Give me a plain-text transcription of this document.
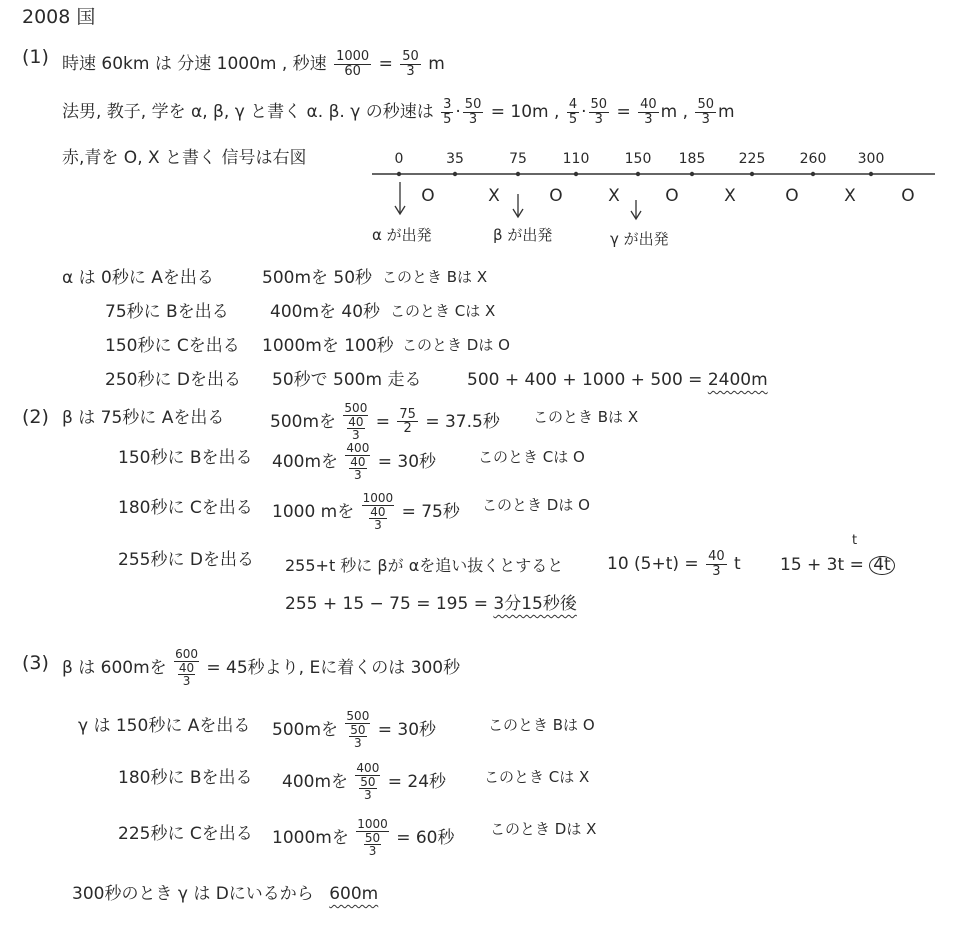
2008 国
(1) 時速 60km は 分速 1000m , 秒速 $\frac{1000}{60} = \frac{50}{3}$ m
法男, 教子, 学を α, β, γ と書く α. β. γ の秒速は $\frac{3}{5} \cdot \frac{50}{3} = 10m$ , $\frac{4}{5} \cdot \frac{50}{3} = \frac{40}{3}$ m , $\frac{50}{3}$ m
赤,青を O, X と書く 信号は右図	0	35	75	110	150 185 225 260 300
O	X	O	X	O	X	O	X	O
α が出発	β が出発	γ が出発
α は 0秒に Aを出る	500mを 50秒 このとき Bは X
75秒に Bを出る 400mを 40秒 このとき Cは X
150秒に Cを出る 1000mを 100秒 このとき Dは O
250秒に Dを出る 50秒で 500m 走る	500 + 400 + 1000 + 500 = 2400m
(2) β は 75秒に Aを出る	500mを
500
40
3
= $\frac{75}{2} = 37.5$秒 このとき Bは X
150秒に Bを出る 400mを
400
40
3
= 30秒	このとき Cは O
180秒に Cを出る 1000 mを
1000
40
3
= 75秒 このとき Dは O
255秒に Dを出る 255+t 秒に βが αを追い抜くとすると	10 $(5+t) = \frac{40}{3}$ t 15 + 3t = 4t
t
255 + 15 − 75 = 195 = 3分15秒後
(3) β は 600mを
600
40
3
= 45秒より, Eに着くのは 300秒
γ は 150秒に Aを出る 500mを
500
50
3
= 30秒	このとき Bは O
180秒に Bを出る 400mを
400
50
3
= 24秒	このとき Cは X
225秒に Cを出る 1000mを
1000
50
3
= 60秒 このとき Dは X
300秒のとき γ は Dにいるから 600m
